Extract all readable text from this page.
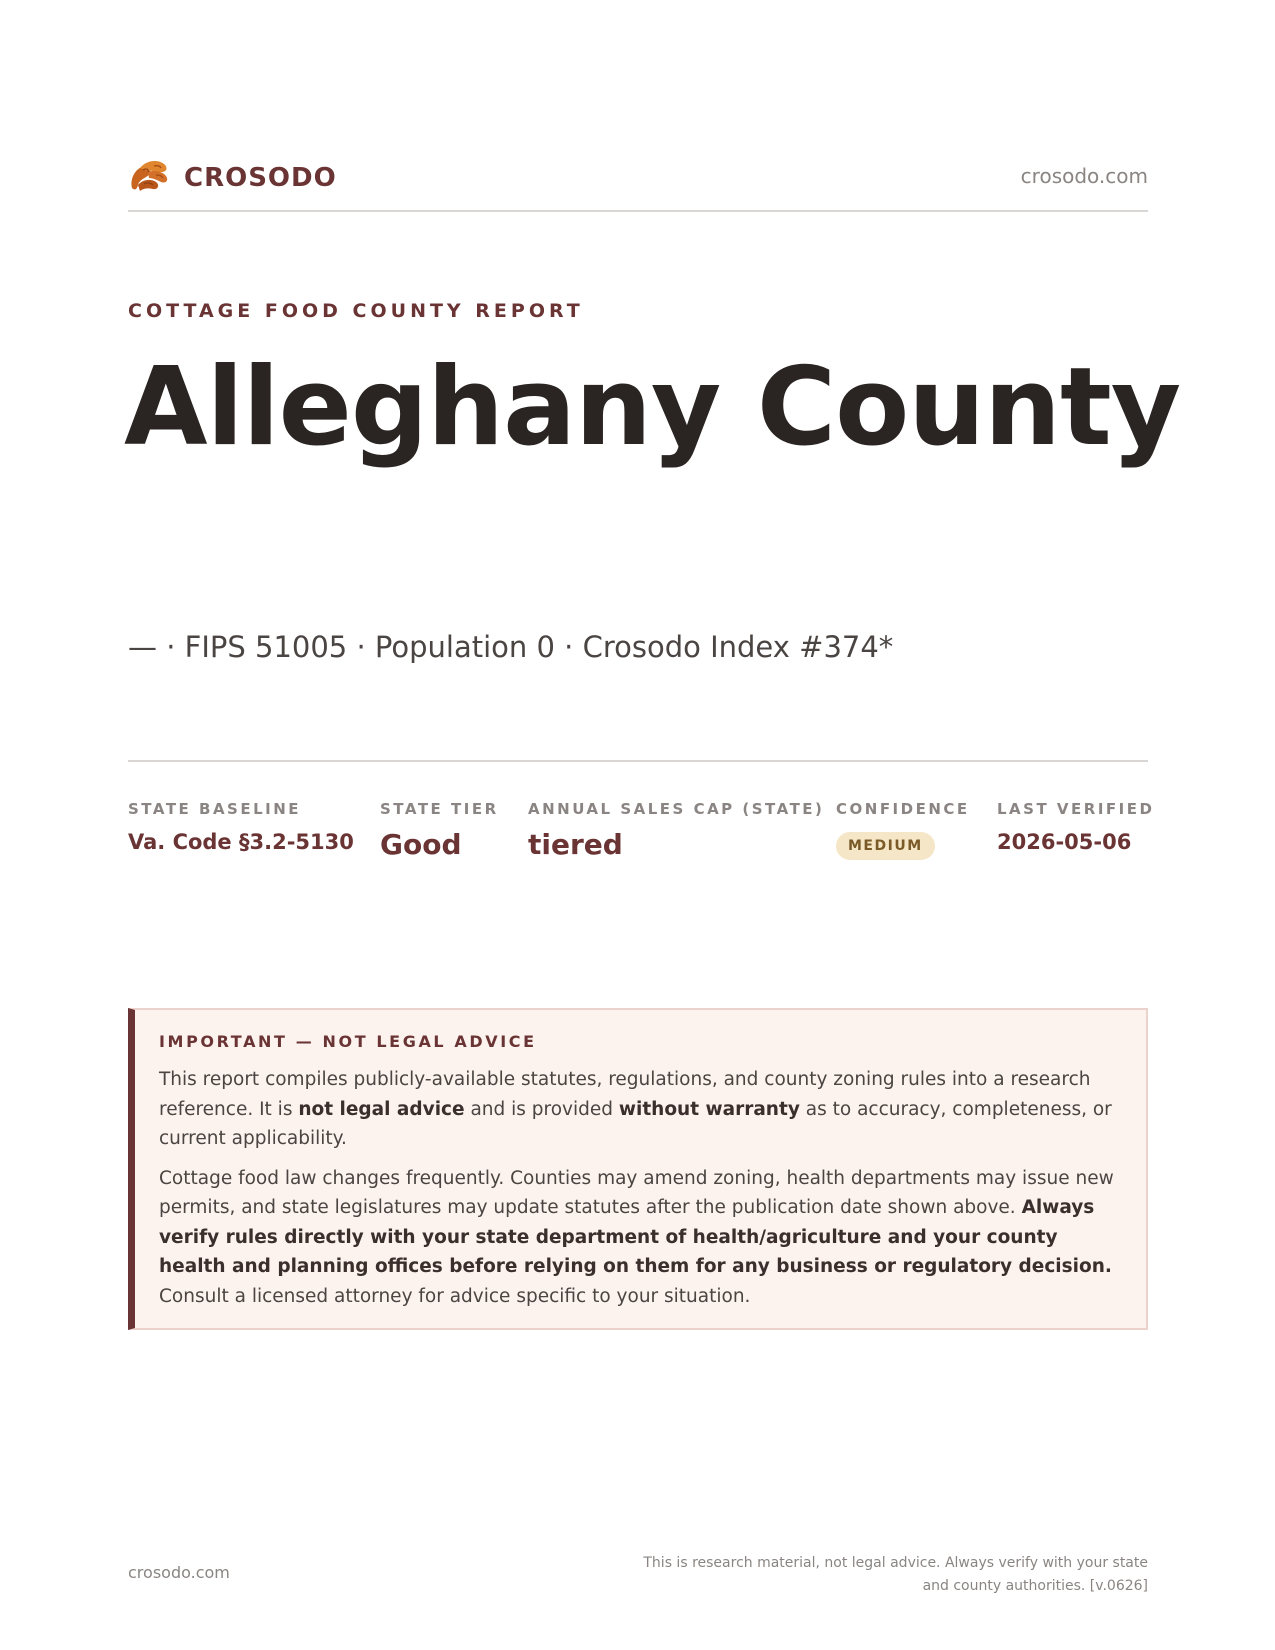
CROSODO	crosodo.com
COTTAGE FOOD COUNTY REPORT
Alleghany County
— · FIPS 51005 · Population 0 · Crosodo Index #374*
STATE BASELINE
Va. Code §3.2-5130
STATE TIER
Good
ANNUAL SALES CAP (STATE)
tiered
CONFIDENCE
MEDIUM
LAST VERIFIED
2026-05-06
IMPORTANT — NOT LEGAL ADVICE

This report compiles publicly-available statutes, regulations, and county zoning rules into a research reference. It is not legal advice and is provided without warranty as to accuracy, completeness, or current applicability.

Cottage food law changes frequently. Counties may amend zoning, health departments may issue new permits, and state legislatures may update statutes after the publication date shown above. Always verify rules directly with your state department of health/agriculture and your county health and planning offices before relying on them for any business or regulatory decision. Consult a licensed attorney for advice specific to your situation.

crosodo.com	This is research material, not legal advice. Always verify with your state
and county authorities. [v.0626]
